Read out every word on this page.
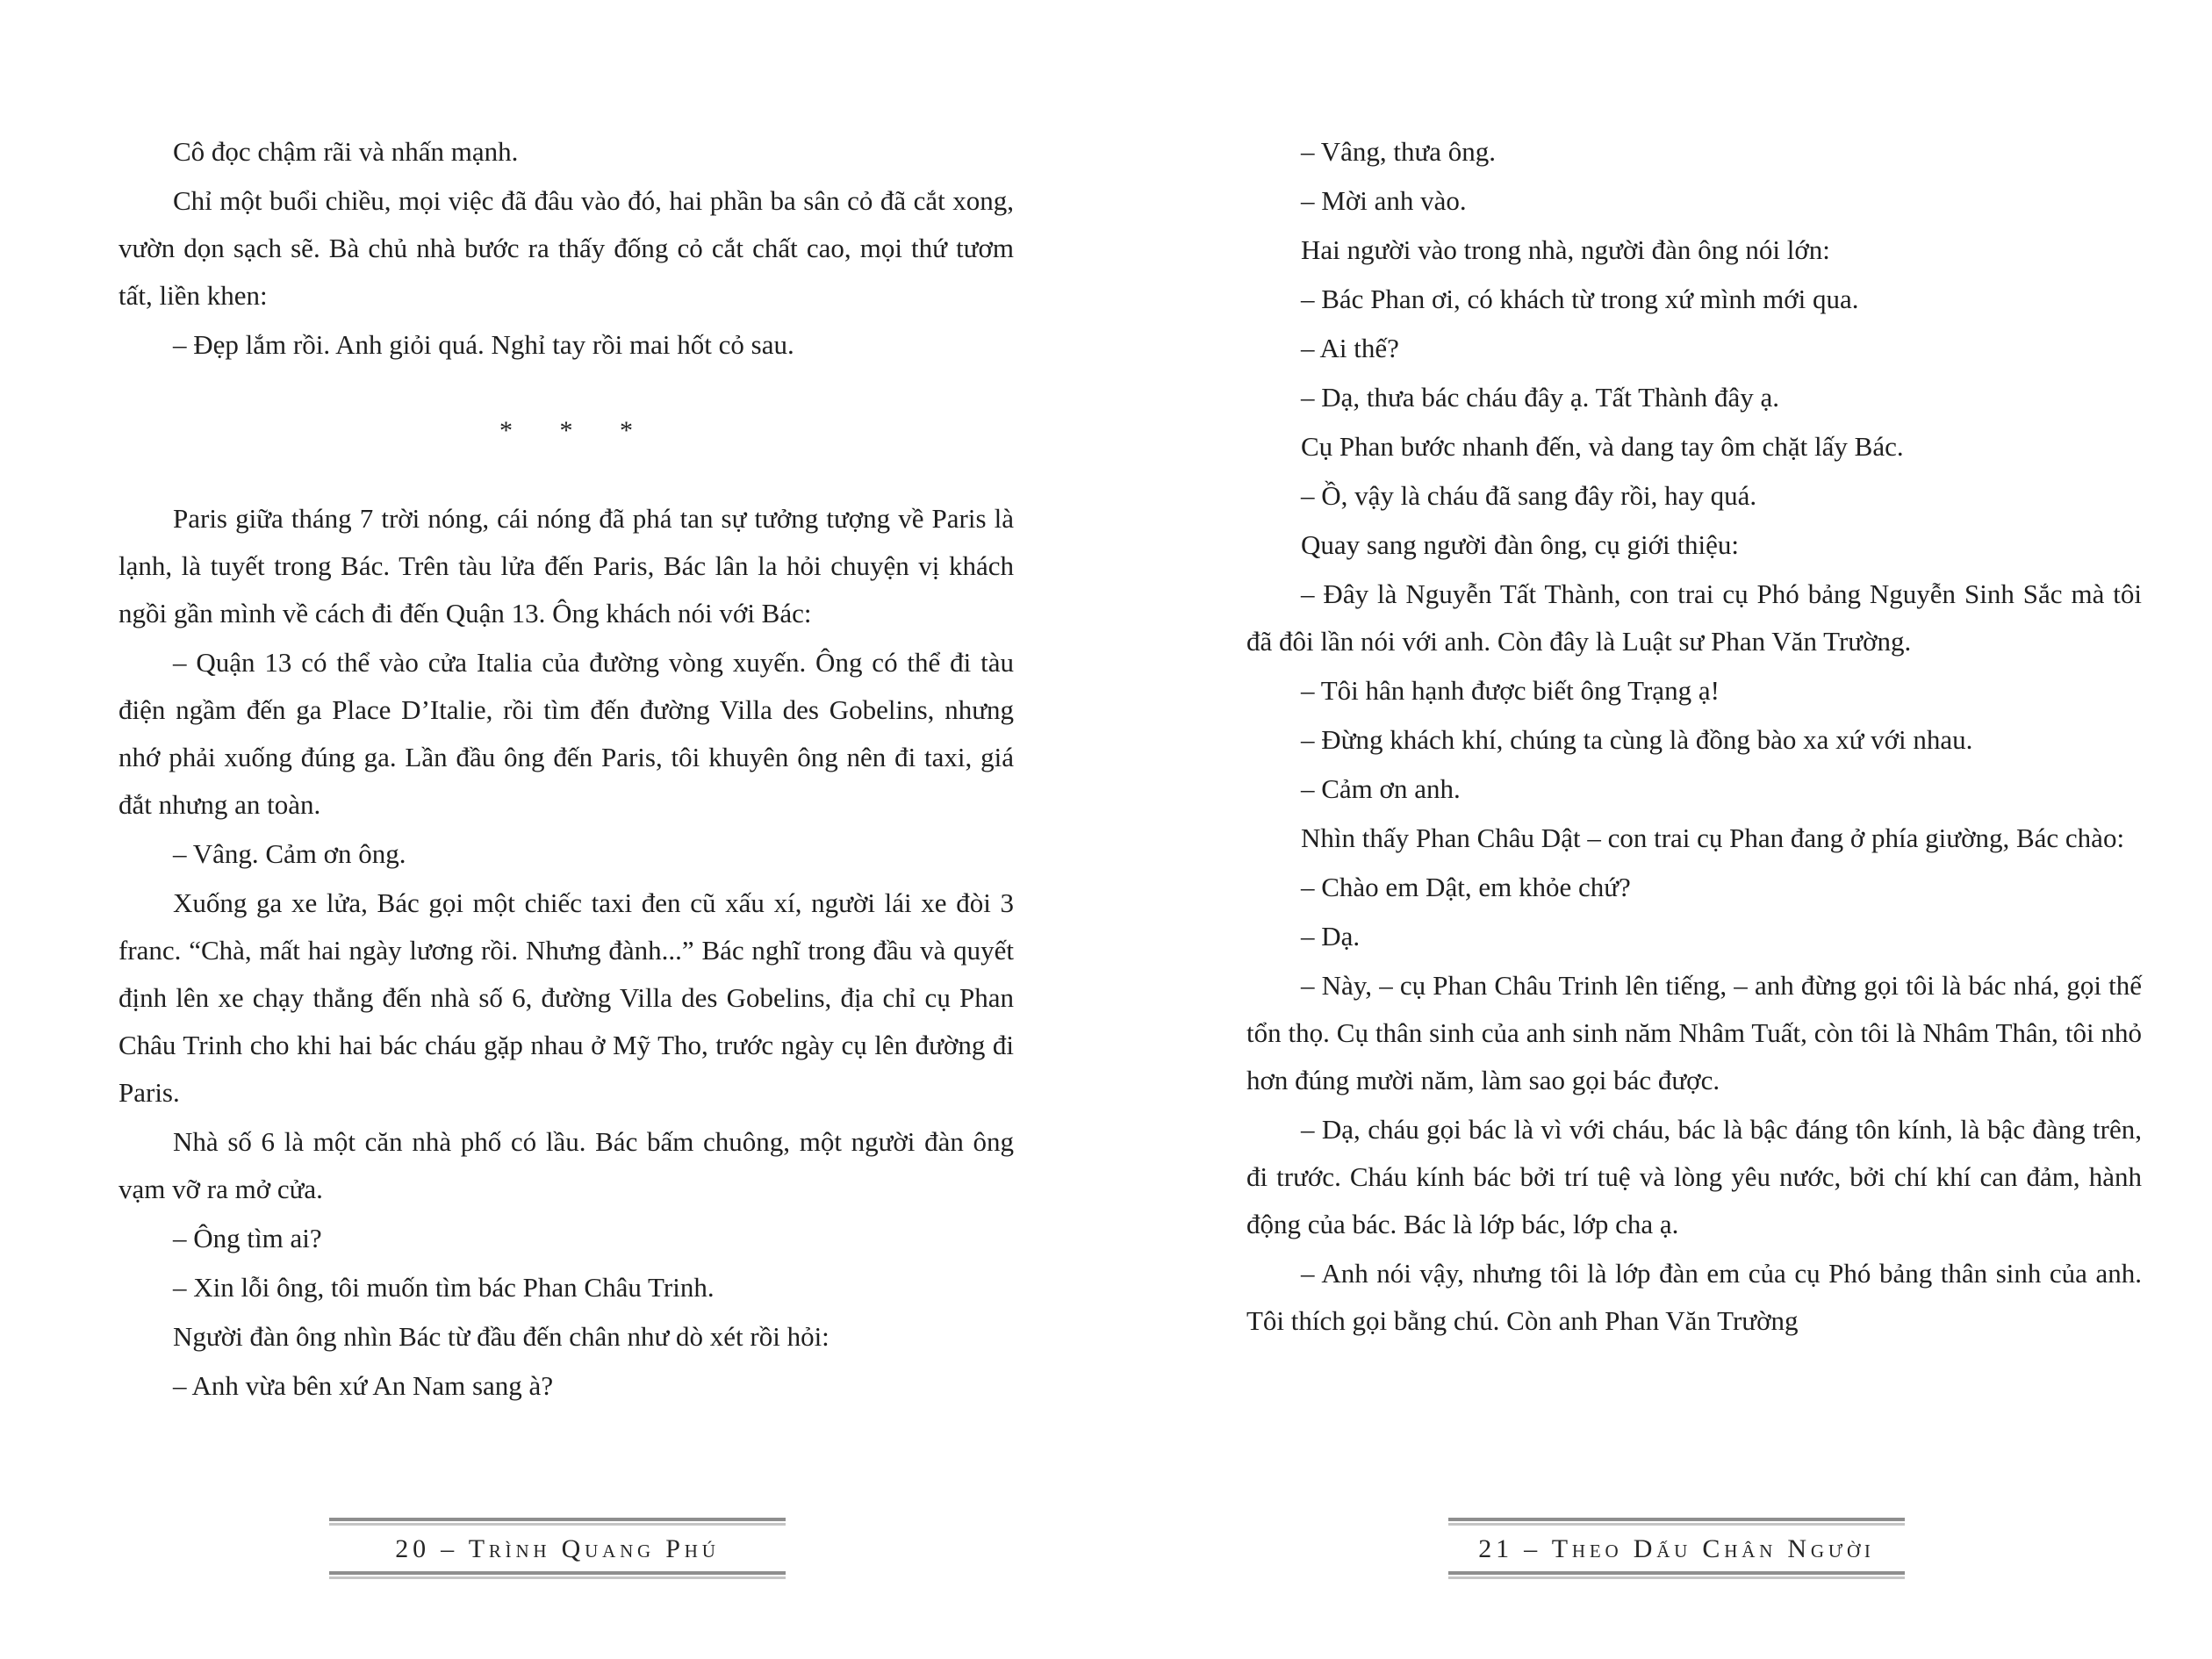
Cô đọc chậm rãi và nhấn mạnh.

Chỉ một buổi chiều, mọi việc đã đâu vào đó, hai phần ba sân cỏ đã cắt xong, vườn dọn sạch sẽ. Bà chủ nhà bước ra thấy đống cỏ cắt chất cao, mọi thứ tươm tất, liền khen:

– Đẹp lắm rồi. Anh giỏi quá. Nghỉ tay rồi mai hốt cỏ sau.

* * *

Paris giữa tháng 7 trời nóng, cái nóng đã phá tan sự tưởng tượng về Paris là lạnh, là tuyết trong Bác. Trên tàu lửa đến Paris, Bác lân la hỏi chuyện vị khách ngồi gần mình về cách đi đến Quận 13. Ông khách nói với Bác:

– Quận 13 có thể vào cửa Italia của đường vòng xuyến. Ông có thể đi tàu điện ngầm đến ga Place D’Italie, rồi tìm đến đường Villa des Gobelins, nhưng nhớ phải xuống đúng ga. Lần đầu ông đến Paris, tôi khuyên ông nên đi taxi, giá đắt nhưng an toàn.

– Vâng. Cảm ơn ông.

Xuống ga xe lửa, Bác gọi một chiếc taxi đen cũ xấu xí, người lái xe đòi 3 franc. “Chà, mất hai ngày lương rồi. Nhưng đành...” Bác nghĩ trong đầu và quyết định lên xe chạy thẳng đến nhà số 6, đường Villa des Gobelins, địa chỉ cụ Phan Châu Trinh cho khi hai bác cháu gặp nhau ở Mỹ Tho, trước ngày cụ lên đường đi Paris.

Nhà số 6 là một căn nhà phố có lầu. Bác bấm chuông, một người đàn ông vạm vỡ ra mở cửa.

– Ông tìm ai?

– Xin lỗi ông, tôi muốn tìm bác Phan Châu Trinh.

Người đàn ông nhìn Bác từ đầu đến chân như dò xét rồi hỏi:

– Anh vừa bên xứ An Nam sang à?

20 – Trình Quang Phú

– Vâng, thưa ông.

– Mời anh vào.

Hai người vào trong nhà, người đàn ông nói lớn:

– Bác Phan ơi, có khách từ trong xứ mình mới qua.

– Ai thế?

– Dạ, thưa bác cháu đây ạ. Tất Thành đây ạ.

Cụ Phan bước nhanh đến, và dang tay ôm chặt lấy Bác.

– Ồ, vậy là cháu đã sang đây rồi, hay quá.

Quay sang người đàn ông, cụ giới thiệu:

– Đây là Nguyễn Tất Thành, con trai cụ Phó bảng Nguyễn Sinh Sắc mà tôi đã đôi lần nói với anh. Còn đây là Luật sư Phan Văn Trường.

– Tôi hân hạnh được biết ông Trạng ạ!

– Đừng khách khí, chúng ta cùng là đồng bào xa xứ với nhau.

– Cảm ơn anh.

Nhìn thấy Phan Châu Dật – con trai cụ Phan đang ở phía giường, Bác chào:

– Chào em Dật, em khỏe chứ?

– Dạ.

– Này, – cụ Phan Châu Trinh lên tiếng, – anh đừng gọi tôi là bác nhá, gọi thế tổn thọ. Cụ thân sinh của anh sinh năm Nhâm Tuất, còn tôi là Nhâm Thân, tôi nhỏ hơn đúng mười năm, làm sao gọi bác được.

– Dạ, cháu gọi bác là vì với cháu, bác là bậc đáng tôn kính, là bậc đàng trên, đi trước. Cháu kính bác bởi trí tuệ và lòng yêu nước, bởi chí khí can đảm, hành động của bác. Bác là lớp bác, lớp cha ạ.

– Anh nói vậy, nhưng tôi là lớp đàn em của cụ Phó bảng thân sinh của anh. Tôi thích gọi bằng chú. Còn anh Phan Văn Trường

21 – Theo Dấu Chân Người
